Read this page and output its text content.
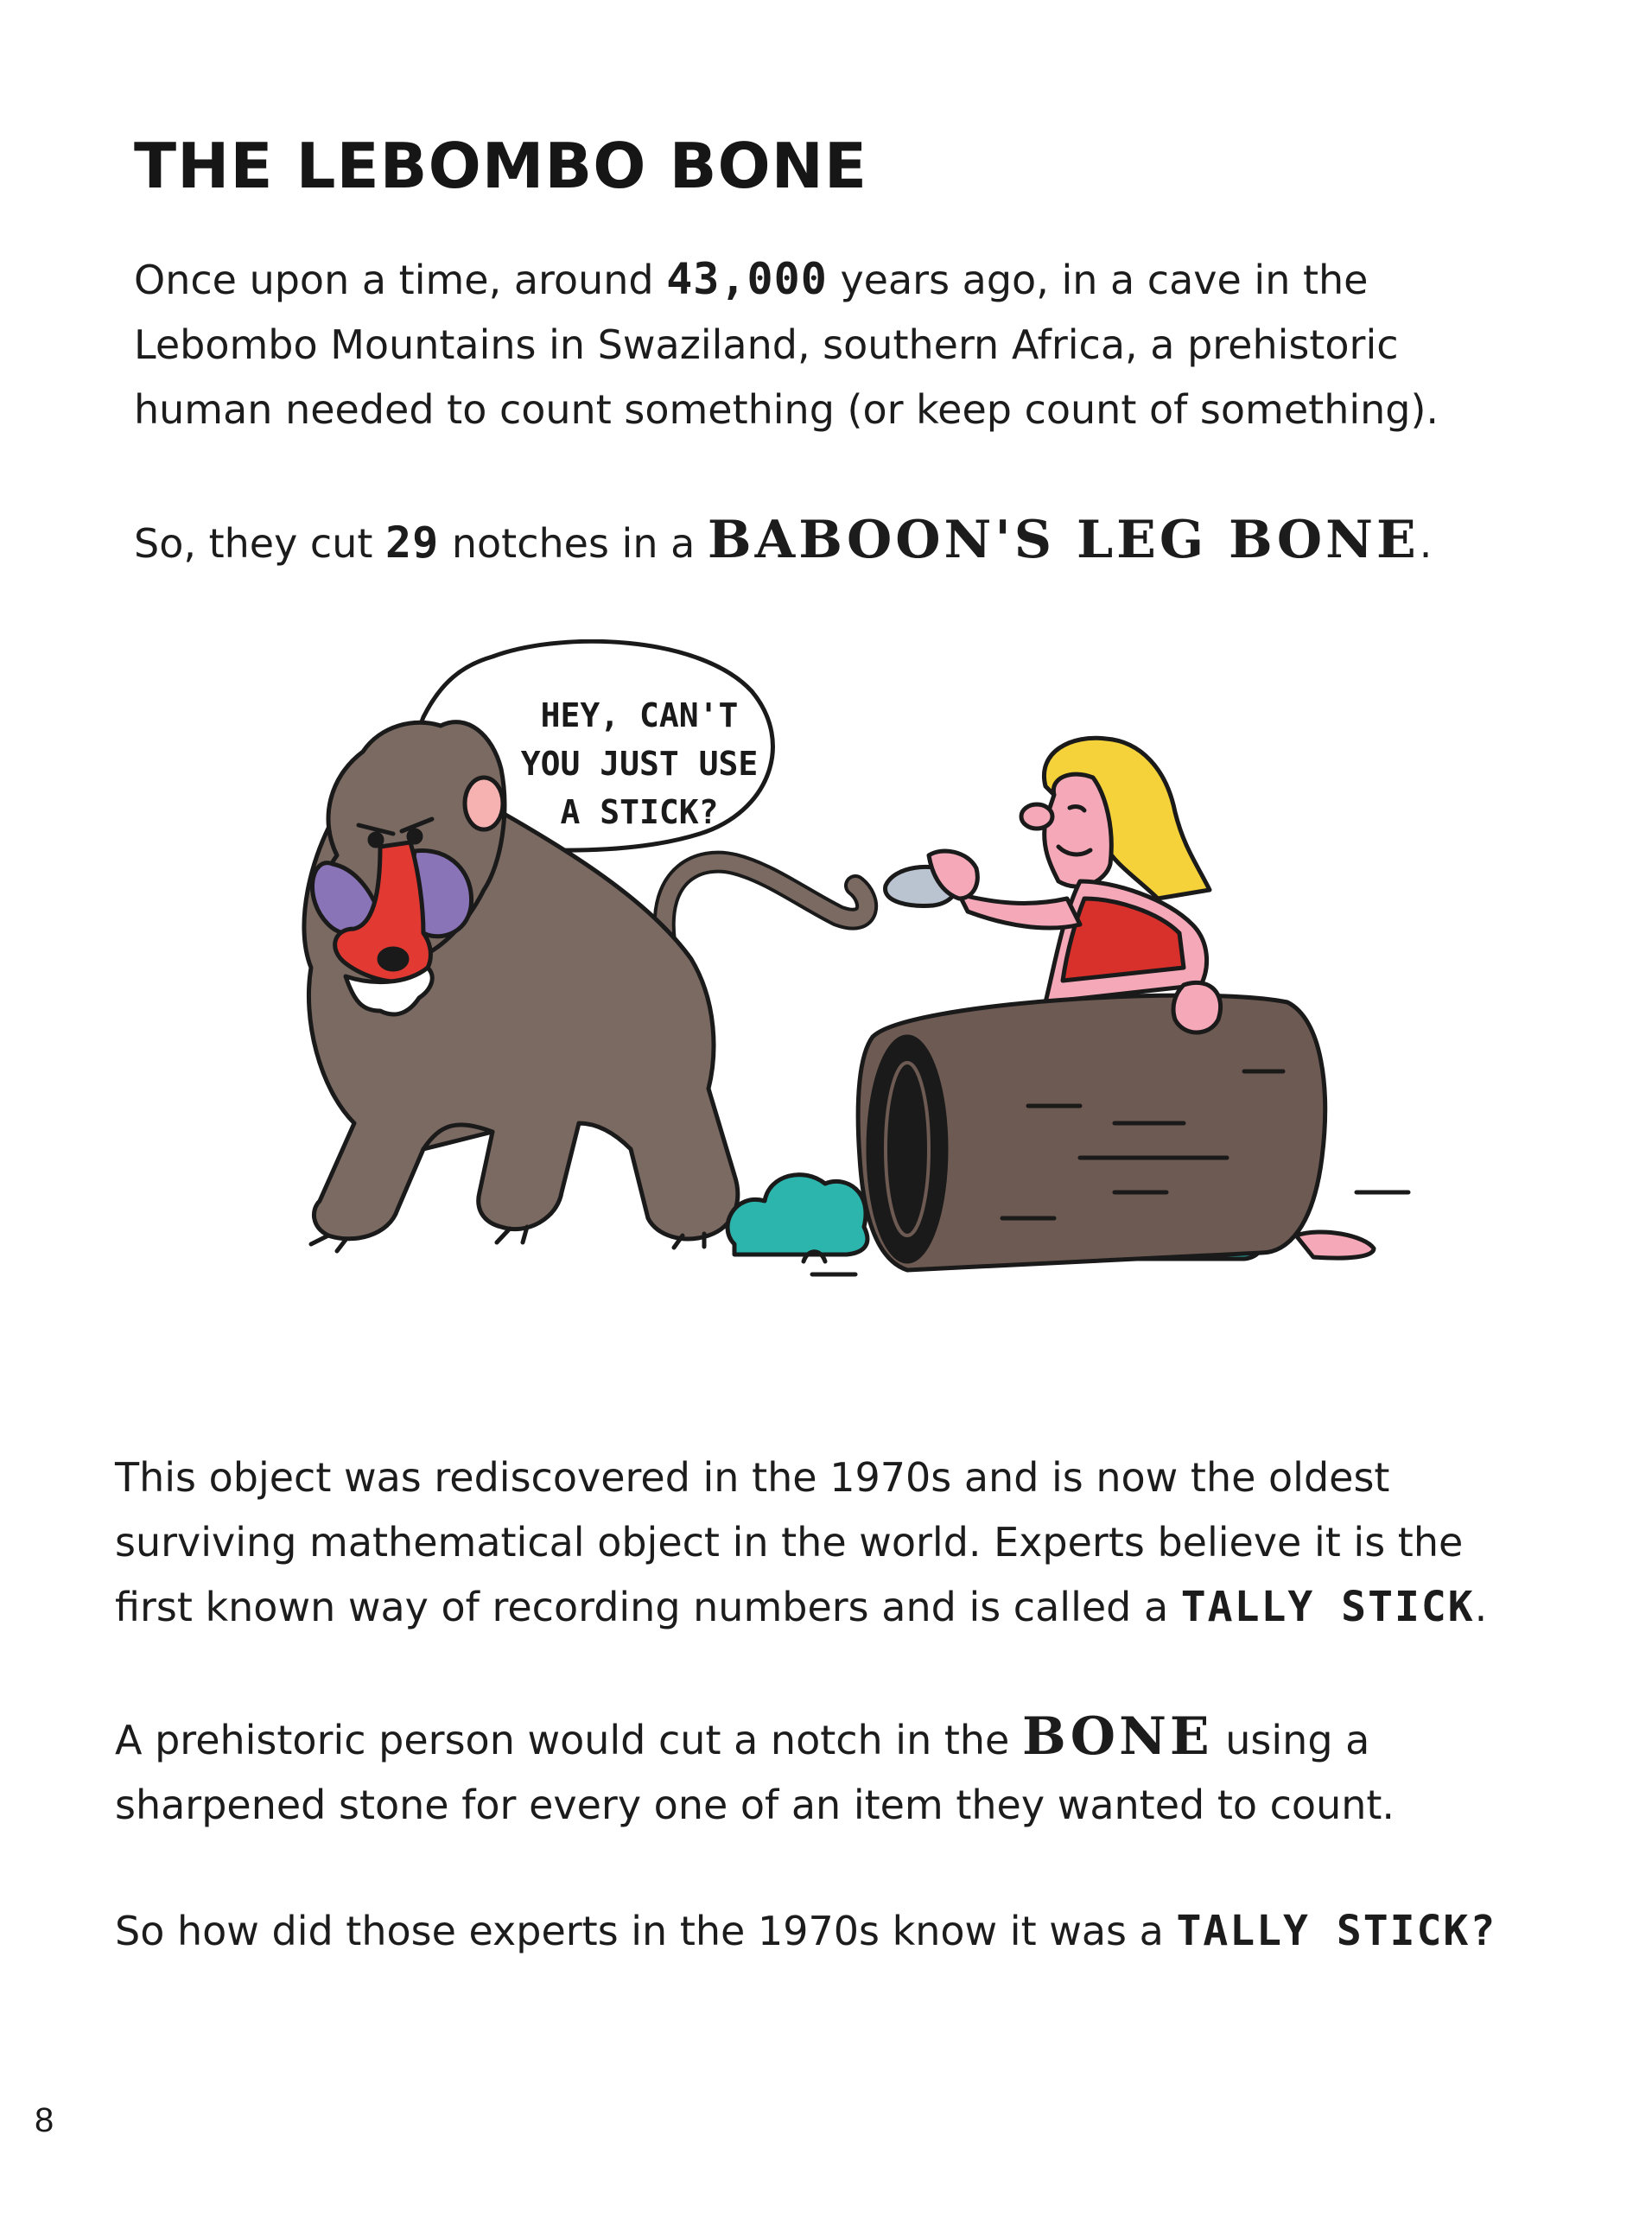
THE LEBOMBO BONE

Once upon a time, around 43,000 years ago, in a cave in the Lebombo Mountains in Swaziland, southern Africa, a prehistoric human needed to count something (or keep count of something).

So, they cut 29 notches in a BABOON'S LEG BONE.

HEY, CAN'T YOU JUST USE A STICK?

This object was rediscovered in the 1970s and is now the oldest surviving mathematical object in the world. Experts believe it is the first known way of recording numbers and is called a TALLY STICK.

A prehistoric person would cut a notch in the BONE using a sharpened stone for every one of an item they wanted to count.

So how did those experts in the 1970s know it was a TALLY STICK?

8
